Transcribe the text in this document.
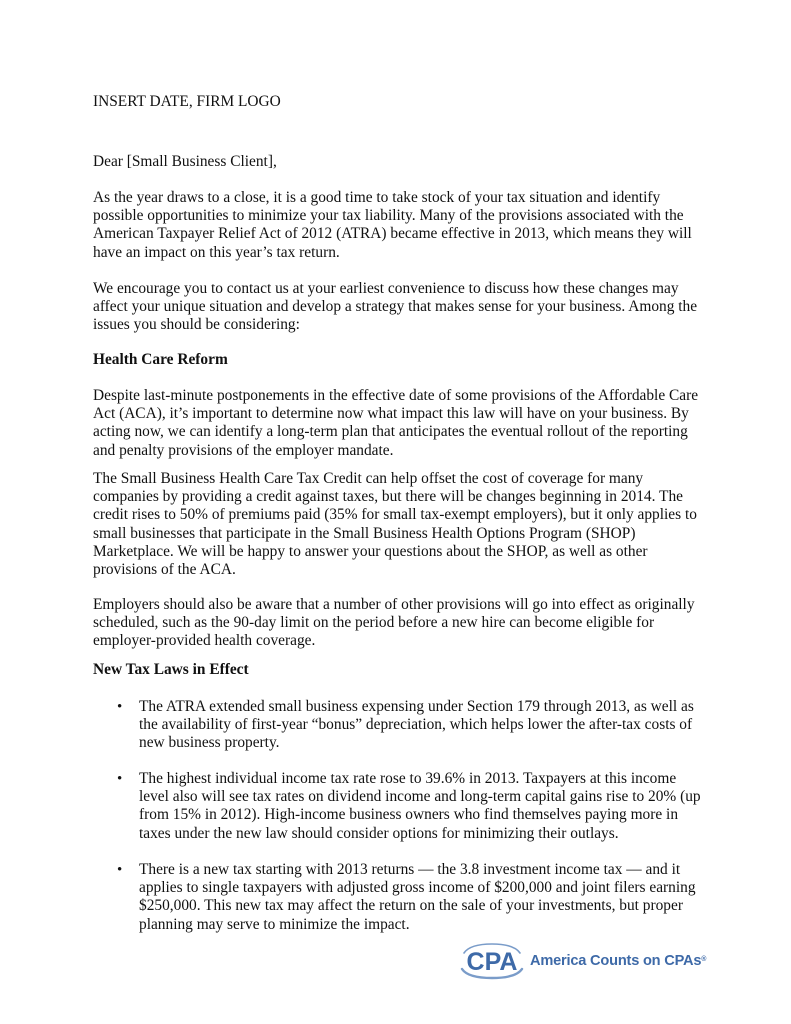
INSERT DATE, FIRM LOGO
Dear [Small Business Client],

As the year draws to a close, it is a good time to take stock of your tax situation and identify possible opportunities to minimize your tax liability. Many of the provisions associated with the American Taxpayer Relief Act of 2012 (ATRA) became effective in 2013, which means they will have an impact on this year’s tax return.

We encourage you to contact us at your earliest convenience to discuss how these changes may affect your unique situation and develop a strategy that makes sense for your business. Among the issues you should be considering:

Health Care Reform

Despite last-minute postponements in the effective date of some provisions of the Affordable Care Act (ACA), it’s important to determine now what impact this law will have on your business. By acting now, we can identify a long-term plan that anticipates the eventual rollout of the reporting and penalty provisions of the employer mandate.

The Small Business Health Care Tax Credit can help offset the cost of coverage for many companies by providing a credit against taxes, but there will be changes beginning in 2014. The credit rises to 50% of premiums paid (35% for small tax-exempt employers), but it only applies to small businesses that participate in the Small Business Health Options Program (SHOP) Marketplace. We will be happy to answer your questions about the SHOP, as well as other provisions of the ACA.

Employers should also be aware that a number of other provisions will go into effect as originally scheduled, such as the 90-day limit on the period before a new hire can become eligible for employer-provided health coverage.

New Tax Laws in Effect
• The ATRA extended small business expensing under Section 179 through 2013, as well as the availability of first-year “bonus” depreciation, which helps lower the after-tax costs of new business property.
• The highest individual income tax rate rose to 39.6% in 2013. Taxpayers at this income level also will see tax rates on dividend income and long-term capital gains rise to 20% (up from 15% in 2012). High-income business owners who find themselves paying more in taxes under the new law should consider options for minimizing their outlays.
• There is a new tax starting with 2013 returns — the 3.8 investment income tax — and it applies to single taxpayers with adjusted gross income of $200,000 and joint filers earning $250,000. This new tax may affect the return on the sale of your investments, but proper planning may serve to minimize the impact.
CPA America Counts on CPAs®
